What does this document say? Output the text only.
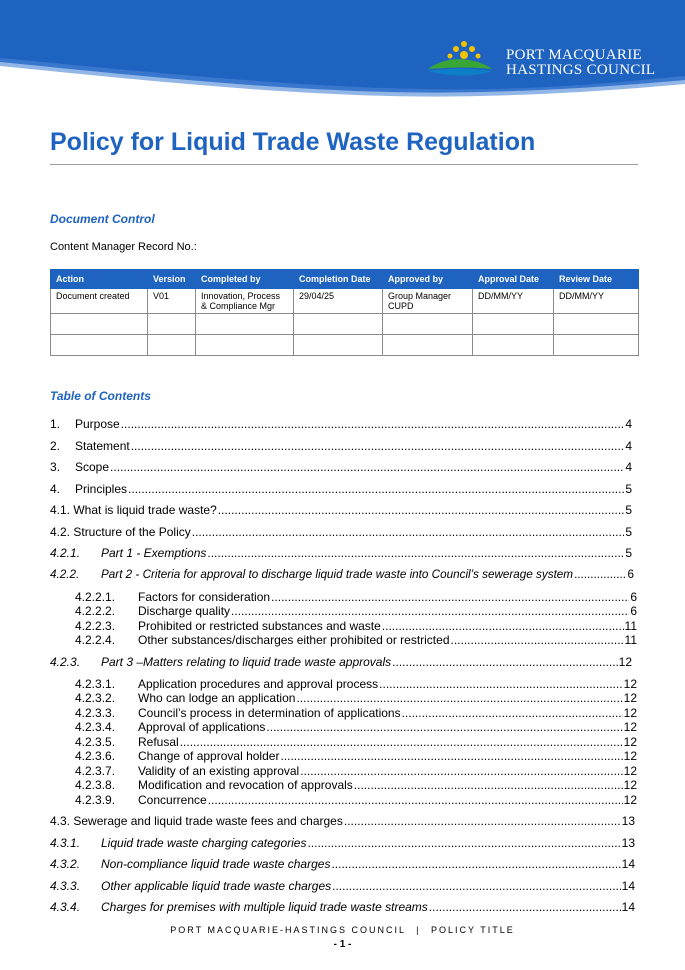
PORT MACQUARIE
HASTINGS COUNCIL
Policy for Liquid Trade Waste Regulation
Document Control
Content Manager Record No.:
Action	Version	Completed by	Completion Date	Approved by	Approval Date	Review Date
Document created	V01	Innovation, Process & Compliance Mgr	29/04/25	Group Manager CUPD	DD/MM/YY	DD/MM/YY

Table of Contents
1.	Purpose .....	4
2.	Statement .....	4
3.	Scope .....	4
4.	Principles .....	5
4.1. What is liquid trade waste? .....	5
4.2. Structure of the Policy .....	5
4.2.1.	Part 1 - Exemptions .....	5
4.2.2.	Part 2 - Criteria for approval to discharge liquid trade waste into Council’s sewerage system .....	6
4.2.2.1.	Factors for consideration .....	6
4.2.2.2.	Discharge quality .....	6
4.2.2.3.	Prohibited or restricted substances and waste .....	11
4.2.2.4.	Other substances/discharges either prohibited or restricted .....	11
4.2.3.	Part 3 –Matters relating to liquid trade waste approvals .....	12
4.2.3.1.	Application procedures and approval process .....	12
4.2.3.2.	Who can lodge an application .....	12
4.2.3.3.	Council’s process in determination of applications .....	12
4.2.3.4.	Approval of applications .....	12
4.2.3.5.	Refusal .....	12
4.2.3.6.	Change of approval holder .....	12
4.2.3.7.	Validity of an existing approval .....	12
4.2.3.8.	Modification and revocation of approvals .....	12
4.2.3.9.	Concurrence .....	12
4.3. Sewerage and liquid trade waste fees and charges .....	13
4.3.1.	Liquid trade waste charging categories .....	13
4.3.2.	Non-compliance liquid trade waste charges .....	14
4.3.3.	Other applicable liquid trade waste charges .....	14
4.3.4.	Charges for premises with multiple liquid trade waste streams .....	14
PORT MACQUARIE-HASTINGS COUNCIL | POLICY TITLE
- 1 -
